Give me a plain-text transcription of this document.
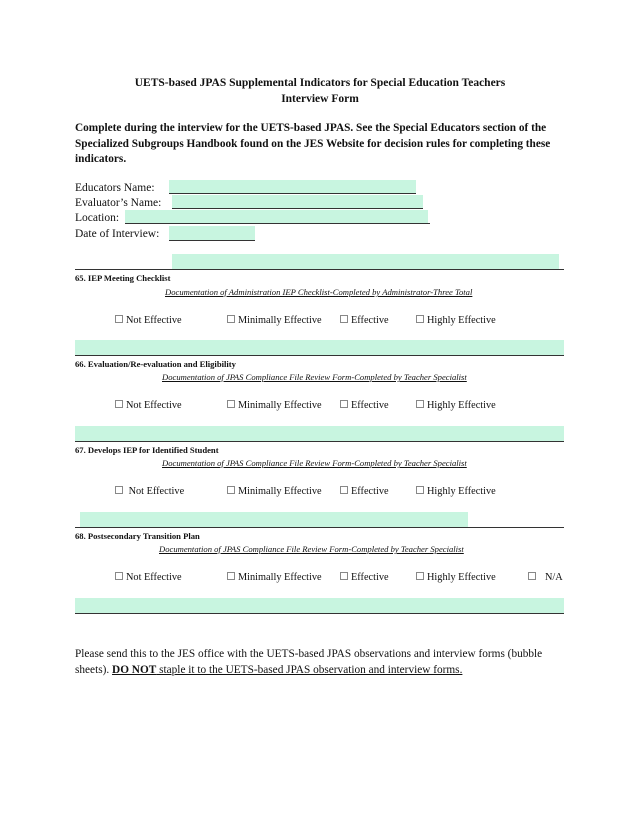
UETS-based JPAS Supplemental Indicators for Special Education Teachers
Interview Form
Complete during the interview for the UETS-based JPAS. See the Special Educators section of the Specialized Subgroups Handbook found on the JES Website for decision rules for completing these indicators.
Educators Name:
Evaluator’s Name:
Location:
Date of Interview:
65. IEP Meeting Checklist
Documentation of Administration IEP Checklist-Completed by Administrator-Three Total
Not Effective	Minimally Effective	Effective	Highly Effective
66. Evaluation/Re-evaluation and Eligibility
Documentation of JPAS Compliance File Review Form-Completed by Teacher Specialist
Not Effective	Minimally Effective	Effective	Highly Effective
67. Develops IEP for Identified Student
Documentation of JPAS Compliance File Review Form-Completed by Teacher Specialist
Not Effective	Minimally Effective	Effective	Highly Effective
68. Postsecondary Transition Plan
Documentation of JPAS Compliance File Review Form-Completed by Teacher Specialist
Not Effective	Minimally Effective	Effective	Highly Effective	N/A
Please send this to the JES office with the UETS-based JPAS observations and interview forms (bubble sheets). DO NOT staple it to the UETS-based JPAS observation and interview forms.
